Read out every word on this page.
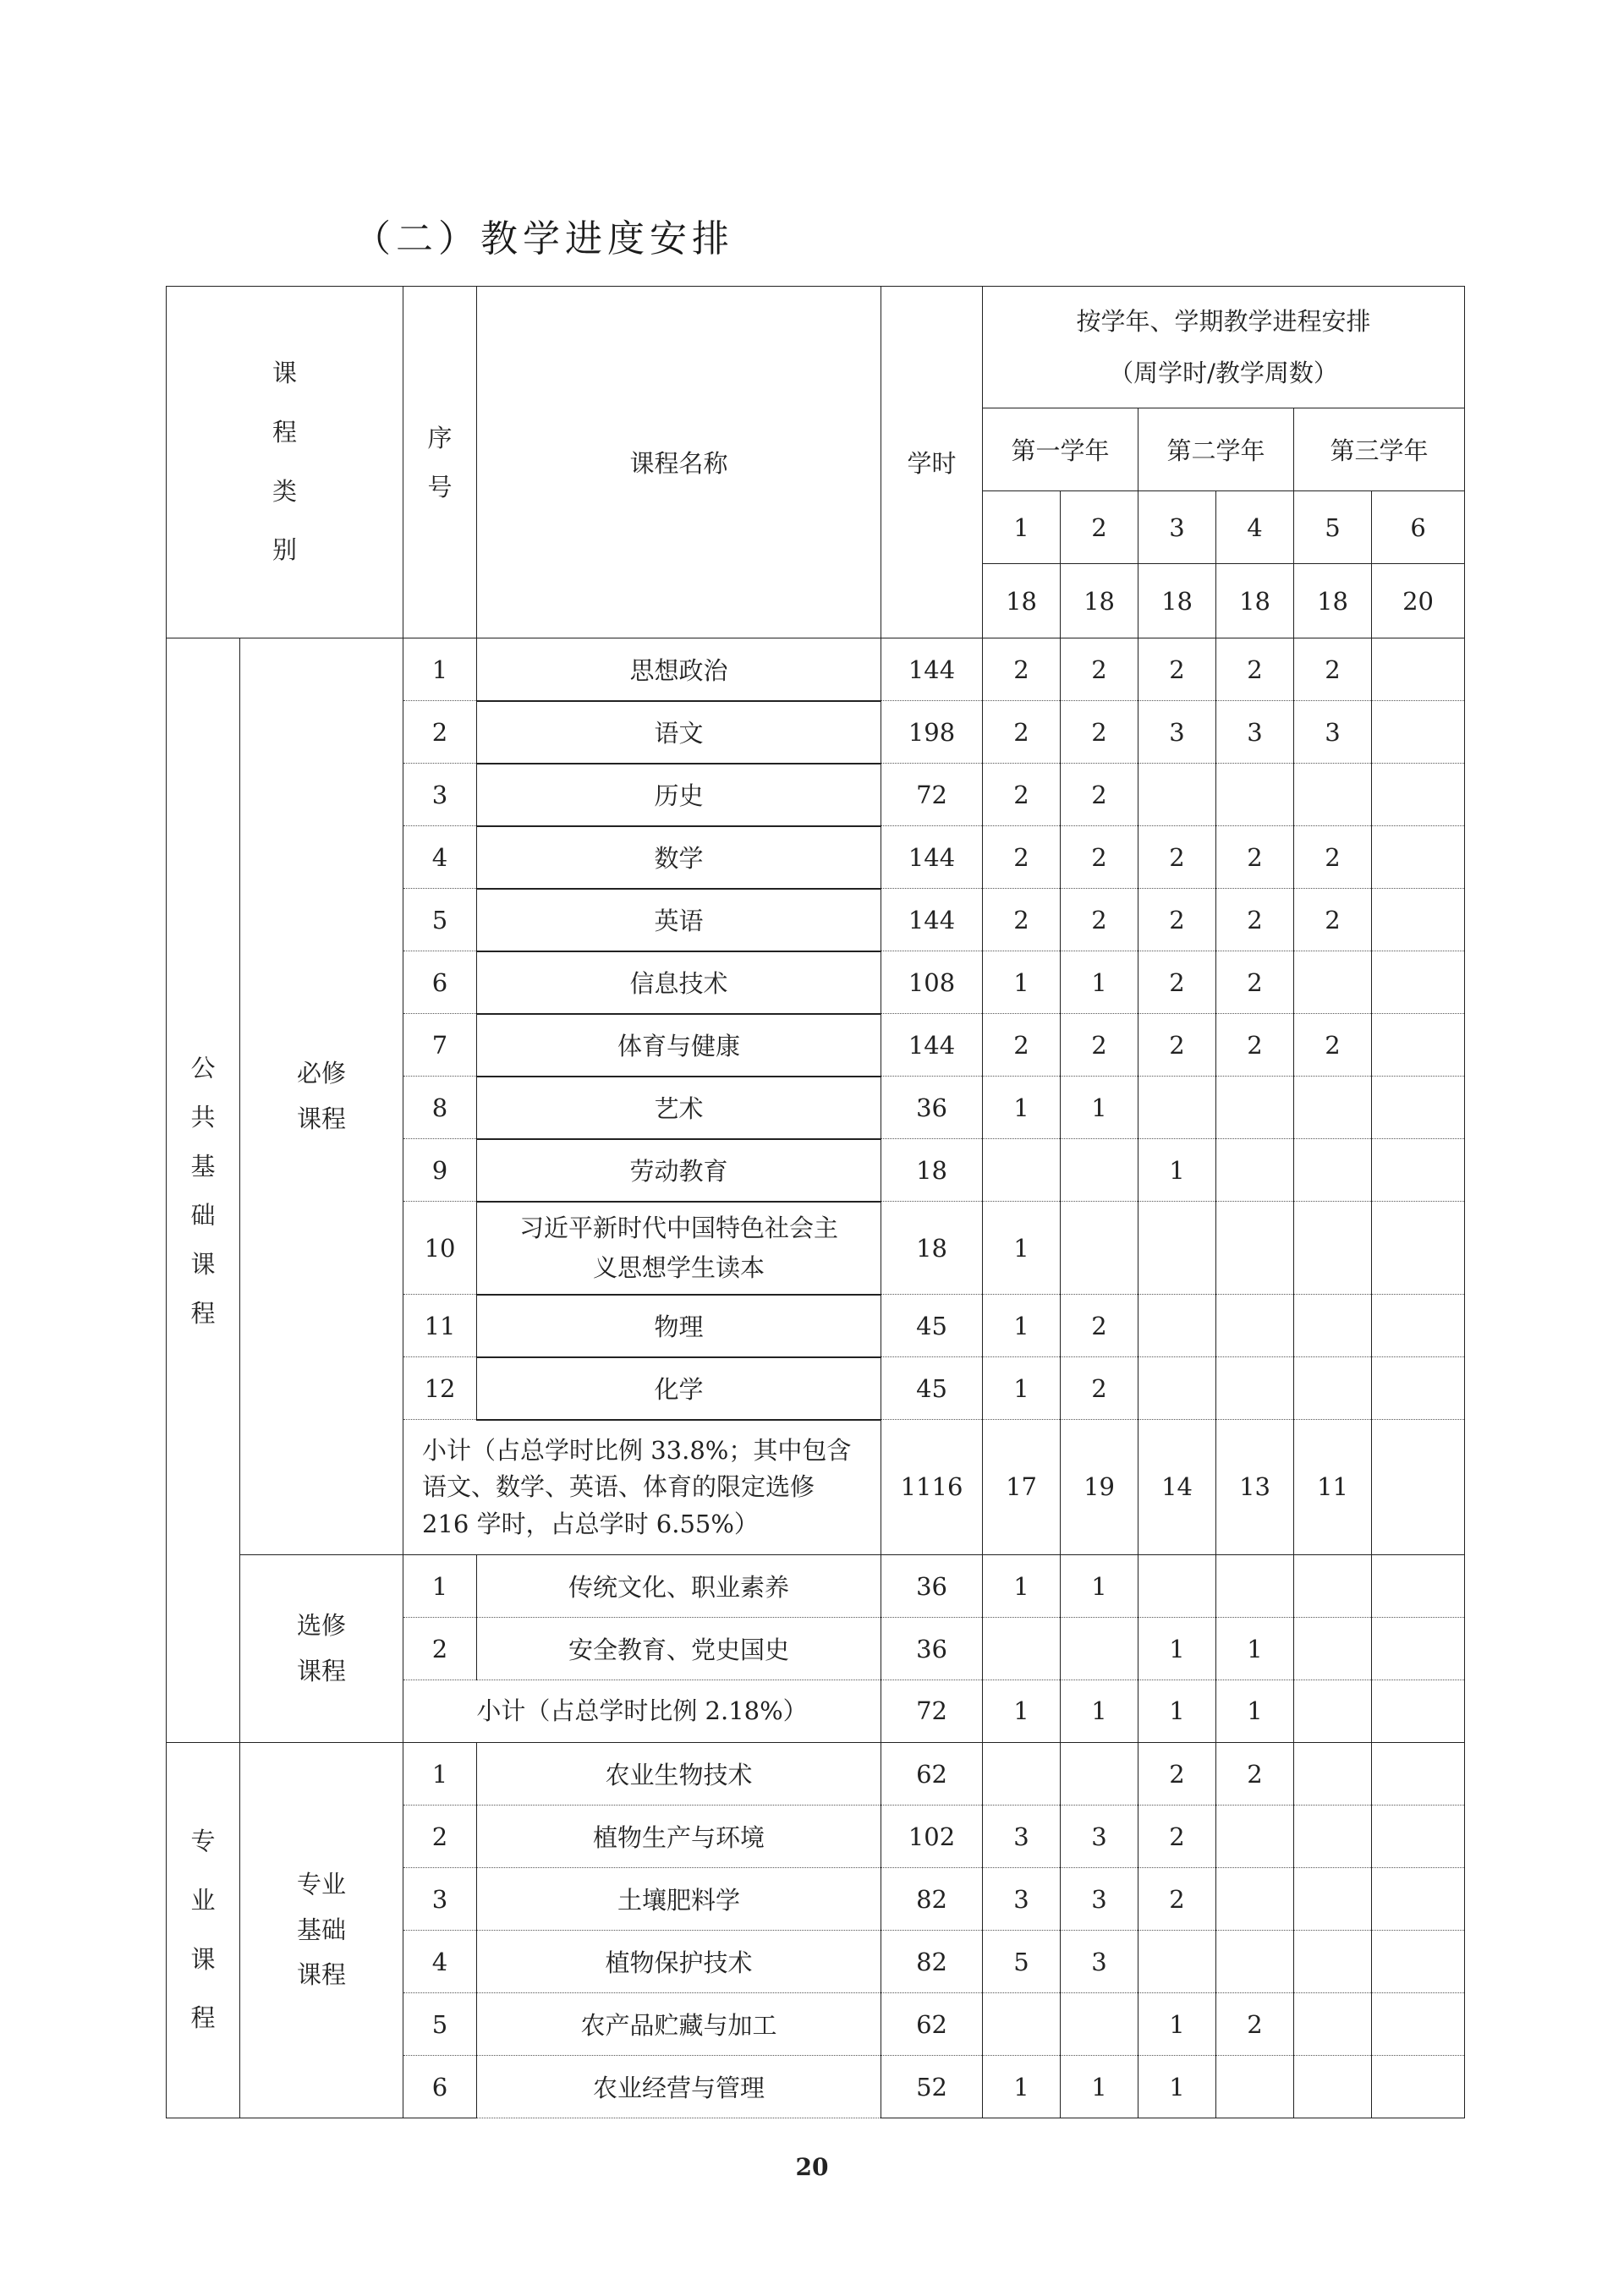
（二）教学进度安排
课程类别		序号	课程名称	学时	按学年、学期教学进程安排
（周学时/教学周数）					

					第一学年		第二学年		第三学年	
					1	2	3	4	5	6
					18	18	18	18	18	20
公共基础课程	必修课程	1	思想政治	144	2	2	2	2	2	
		2	语文	198	2	2	3	3	3	
		3	历史	72	2	2				
		4	数学	144	2	2	2	2	2	
		5	英语	144	2	2	2	2	2	
		6	信息技术	108	1	1	2	2		
		7	体育与健康	144	2	2	2	2	2	
		8	艺术	36	1	1				
		9	劳动教育	18			1			
		10	习近平新时代中国特色社会主义思想学生读本	18	1					
		11	物理	45	1	2				
		12	化学	45	1	2				
		小计（占总学时比例 33.8%；其中包含语文、数学、英语、体育的限定选修 216 学时，占总学时 6.55%）		1116	17	19	14	13	11	
	选修课程	1	传统文化、职业素养	36	1	1				
		2	安全教育、党史国史	36			1	1		
		小计（占总学时比例 2.18%）		72	1	1	1	1		
专业课程	专业基础课程	1	农业生物技术	62			2	2		
		2	植物生产与环境	102	3	3	2			
		3	土壤肥料学	82	3	3	2			
		4	植物保护技术	82	5	3				
		5	农产品贮藏与加工	62			1	2		
		6	农业经营与管理	52	1	1	1			
20
